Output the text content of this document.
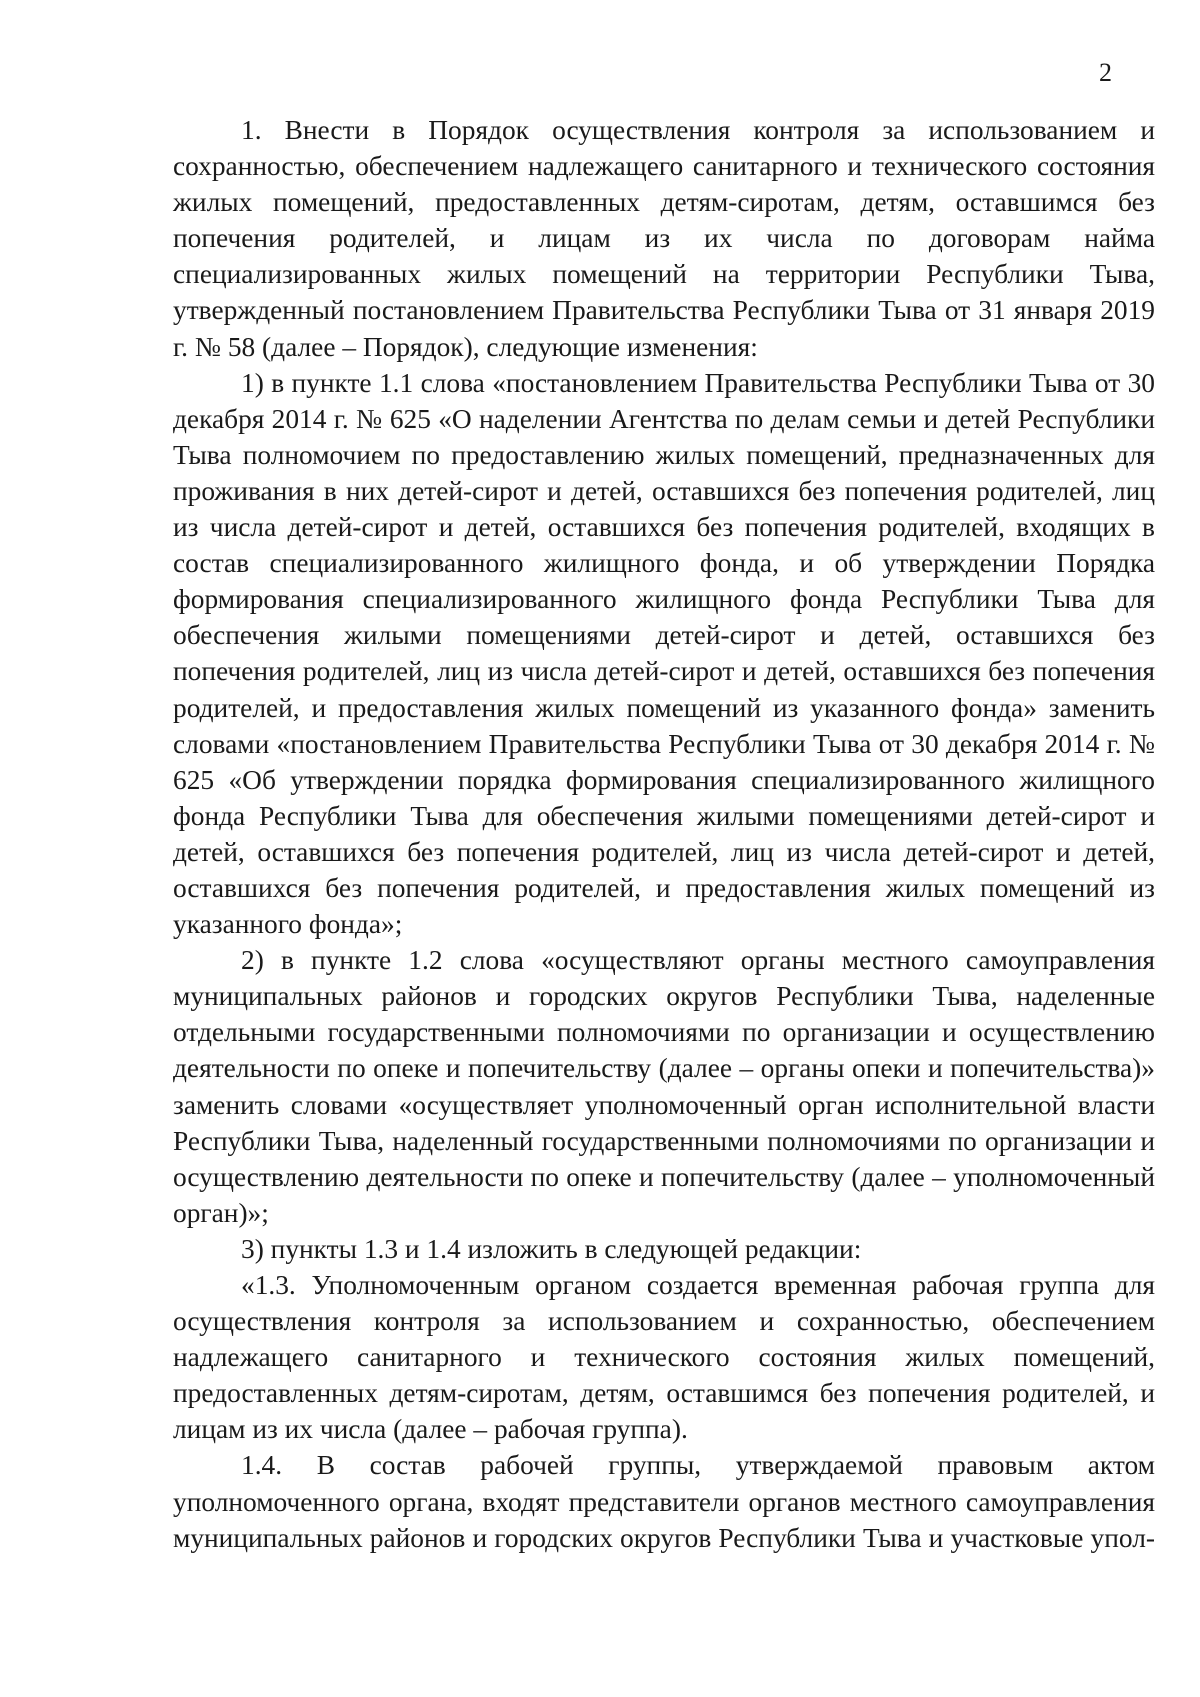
2

1. Внести в Порядок осуществления контроля за использованием и сохранностью, обеспечением надлежащего санитарного и технического состояния жилых помещений, предоставленных детям-сиротам, детям, оставшимся без попечения родителей, и лицам из их числа по договорам найма специализированных жилых помещений на территории Республики Тыва, утвержденный постановлением Правительства Республики Тыва от 31 января 2019 г. № 58 (далее – Порядок), следующие изменения:

1) в пункте 1.1 слова «постановлением Правительства Республики Тыва от 30 декабря 2014 г. № 625 «О наделении Агентства по делам семьи и детей Республики Тыва полномочием по предоставлению жилых помещений, предназначенных для проживания в них детей-сирот и детей, оставшихся без попечения родителей, лиц из числа детей-сирот и детей, оставшихся без попечения родителей, входящих в состав специализированного жилищного фонда, и об утверждении Порядка формирования специализированного жилищного фонда Республики Тыва для обеспечения жилыми помещениями детей-сирот и детей, оставшихся без попечения родителей, лиц из числа детей-сирот и детей, оставшихся без попечения родителей, и предоставления жилых помещений из указанного фонда» заменить словами «постановлением Правительства Республики Тыва от 30 декабря 2014 г. № 625 «Об утверждении порядка формирования специализированного жилищного фонда Республики Тыва для обеспечения жилыми помещениями детей-сирот и детей, оставшихся без попечения родителей, лиц из числа детей-сирот и детей, оставшихся без попечения родителей, и предоставления жилых помещений из указанного фонда»;

2) в пункте 1.2 слова «осуществляют органы местного самоуправления муниципальных районов и городских округов Республики Тыва, наделенные отдельными государственными полномочиями по организации и осуществлению деятельности по опеке и попечительству (далее – органы опеки и попечительства)» заменить словами «осуществляет уполномоченный орган исполнительной власти Республики Тыва, наделенный государственными полномочиями по организации и осуществлению деятельности по опеке и попечительству (далее – уполномоченный орган)»;

3) пункты 1.3 и 1.4 изложить в следующей редакции:

«1.3. Уполномоченным органом создается временная рабочая группа для осуществления контроля за использованием и сохранностью, обеспечением надлежащего санитарного и технического состояния жилых помещений, предоставленных детям-сиротам, детям, оставшимся без попечения родителей, и лицам из их числа (далее – рабочая группа).

1.4. В состав рабочей группы, утверждаемой правовым актом уполномоченного органа, входят представители органов местного самоуправления муниципальных районов и городских округов Республики Тыва и участковые упол-
